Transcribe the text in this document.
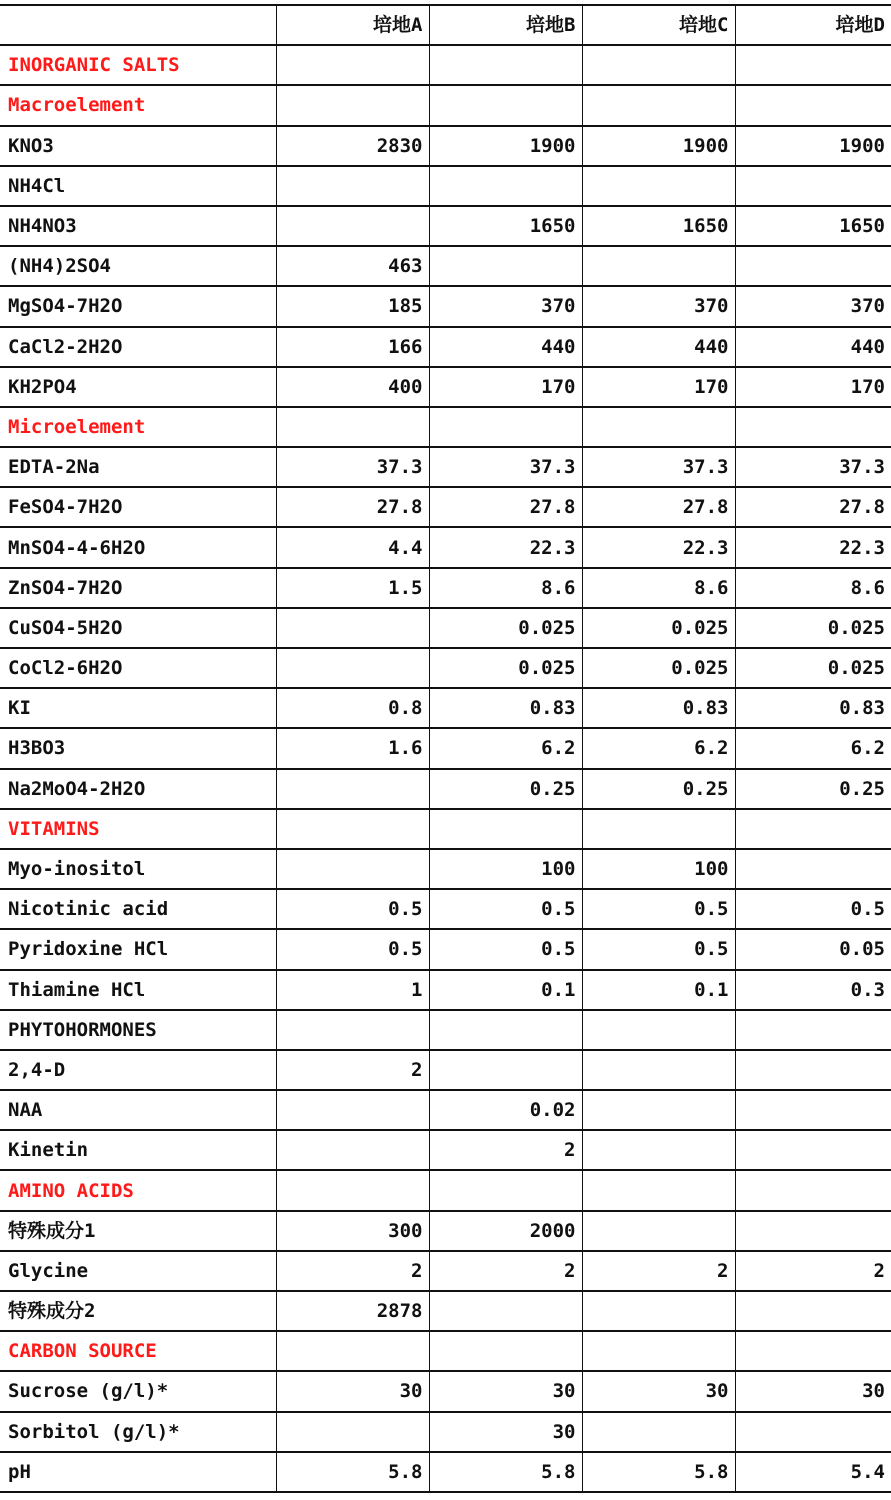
	培地A	培地B	培地C	培地D
INORGANIC SALTS				
Macroelement				
KNO3	2830	1900	1900	1900
NH4Cl				
NH4NO3		1650	1650	1650
(NH4)2SO4	463			
MgSO4-7H2O	185	370	370	370
CaCl2-2H2O	166	440	440	440
KH2PO4	400	170	170	170
Microelement				
EDTA-2Na	37.3	37.3	37.3	37.3
FeSO4-7H2O	27.8	27.8	27.8	27.8
MnSO4-4-6H2O	4.4	22.3	22.3	22.3
ZnSO4-7H2O	1.5	8.6	8.6	8.6
CuSO4-5H2O		0.025	0.025	0.025
CoCl2-6H2O		0.025	0.025	0.025
KI	0.8	0.83	0.83	0.83
H3BO3	1.6	6.2	6.2	6.2
Na2MoO4-2H2O		0.25	0.25	0.25
VITAMINS				
Myo-inositol		100	100	
Nicotinic acid	0.5	0.5	0.5	0.5
Pyridoxine HCl	0.5	0.5	0.5	0.05
Thiamine HCl	1	0.1	0.1	0.3
PHYTOHORMONES				
2,4-D	2			
NAA		0.02		
Kinetin		2		
AMINO ACIDS				
特殊成分1	300	2000		
Glycine	2	2	2	2
特殊成分2	2878			
CARBON SOURCE				
Sucrose (g/l)*	30	30	30	30
Sorbitol (g/l)*		30		
pH	5.8	5.8	5.8	5.4
